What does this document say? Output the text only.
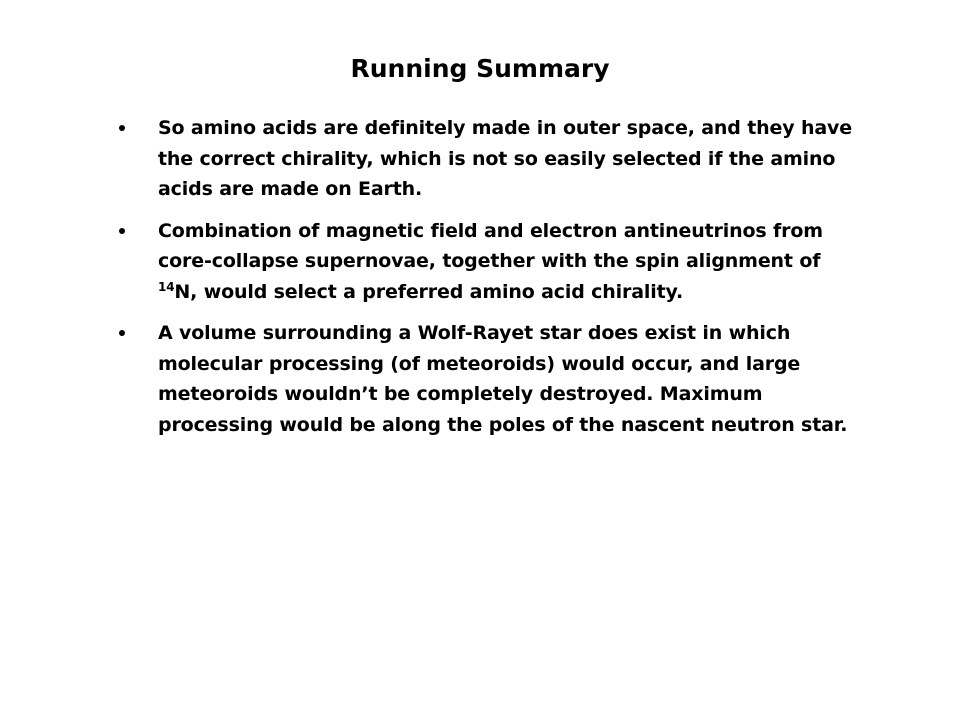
Running Summary
So amino acids are definitely made in outer space, and they have the correct chirality, which is not so easily selected if the amino acids are made on Earth.
Combination of magnetic field and electron antineutrinos from core-collapse supernovae, together with the spin alignment of $^{14}$N, would select a preferred amino acid chirality.
A volume surrounding a Wolf-Rayet star does exist in which molecular processing (of meteoroids) would occur, and large meteoroids wouldn’t be completely destroyed. Maximum processing would be along the poles of the nascent neutron star.
